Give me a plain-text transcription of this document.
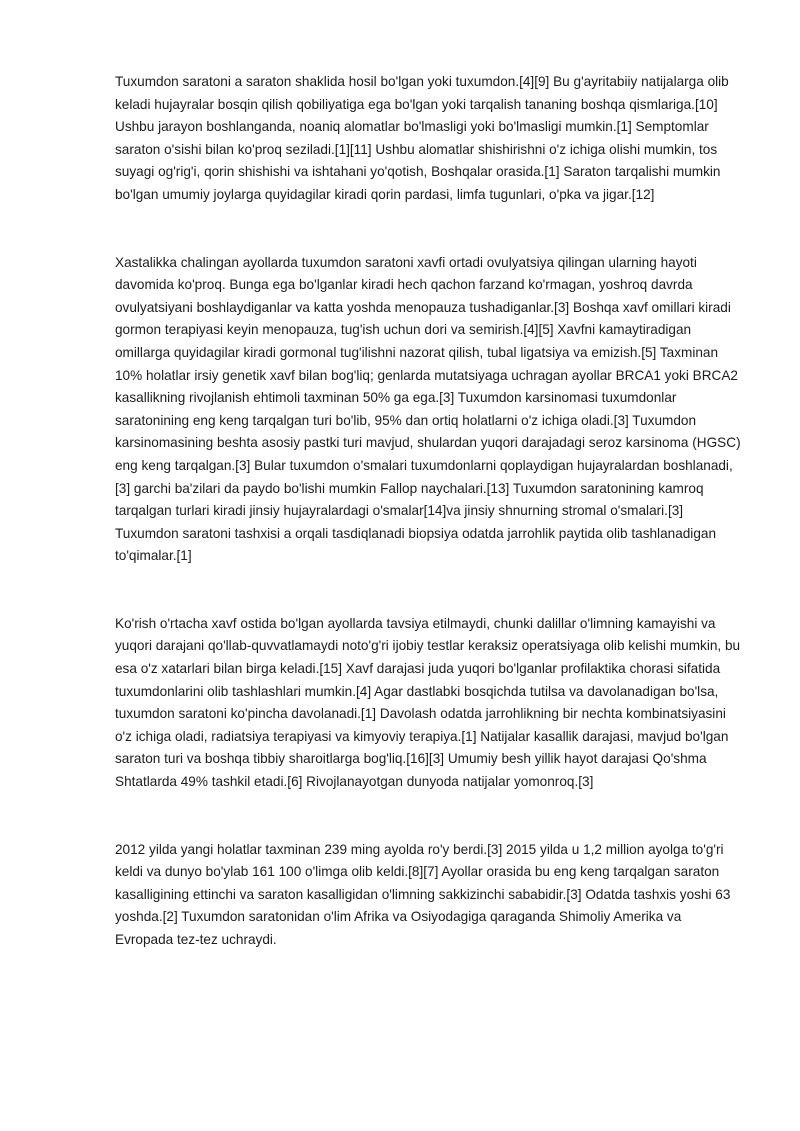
Tuxumdon saratoni a saraton shaklida hosil bo'lgan yoki tuxumdon.[4][9] Bu g'ayritabiiy natijalarga olib keladi hujayralar bosqin qilish qobiliyatiga ega bo'lgan yoki tarqalish tananing boshqa qismlariga.[10] Ushbu jarayon boshlanganda, noaniq alomatlar bo'lmasligi yoki bo'lmasligi mumkin.[1] Semptomlar saraton o'sishi bilan ko'proq seziladi.[1][11] Ushbu alomatlar shishirishni o'z ichiga olishi mumkin, tos suyagi og'rig'i, qorin shishishi va ishtahani yo'qotish, Boshqalar orasida.[1] Saraton tarqalishi mumkin bo'lgan umumiy joylarga quyidagilar kiradi qorin pardasi, limfa tugunlari, o'pka va jigar.[12]

Xastalikka chalingan ayollarda tuxumdon saratoni xavfi ortadi ovulyatsiya qilingan ularning hayoti davomida ko'proq. Bunga ega bo'lganlar kiradi hech qachon farzand ko'rmagan, yoshroq davrda ovulyatsiyani boshlaydiganlar va katta yoshda menopauza tushadiganlar.[3] Boshqa xavf omillari kiradi gormon terapiyasi keyin menopauza, tug'ish uchun dori va semirish.[4][5] Xavfni kamaytiradigan omillarga quyidagilar kiradi gormonal tug'ilishni nazorat qilish, tubal ligatsiya va emizish.[5] Taxminan 10% holatlar irsiy genetik xavf bilan bog'liq; genlarda mutatsiyaga uchragan ayollar BRCA1 yoki BRCA2 kasallikning rivojlanish ehtimoli taxminan 50% ga ega.[3] Tuxumdon karsinomasi tuxumdonlar saratonining eng keng tarqalgan turi bo'lib, 95% dan ortiq holatlarni o'z ichiga oladi.[3] Tuxumdon karsinomasining beshta asosiy pastki turi mavjud, shulardan yuqori darajadagi seroz karsinoma (HGSC) eng keng tarqalgan.[3] Bular tuxumdon o'smalari tuxumdonlarni qoplaydigan hujayralardan boshlanadi,[3] garchi ba'zilari da paydo bo'lishi mumkin Fallop naychalari.[13] Tuxumdon saratonining kamroq tarqalgan turlari kiradi jinsiy hujayralardagi o'smalar[14]va jinsiy shnurning stromal o'smalari.[3] Tuxumdon saratoni tashxisi a orqali tasdiqlanadi biopsiya odatda jarrohlik paytida olib tashlanadigan to'qimalar.[1]

Ko'rish o'rtacha xavf ostida bo'lgan ayollarda tavsiya etilmaydi, chunki dalillar o'limning kamayishi va yuqori darajani qo'llab-quvvatlamaydi noto'g'ri ijobiy testlar keraksiz operatsiyaga olib kelishi mumkin, bu esa o'z xatarlari bilan birga keladi.[15] Xavf darajasi juda yuqori bo'lganlar profilaktika chorasi sifatida tuxumdonlarini olib tashlashlari mumkin.[4] Agar dastlabki bosqichda tutilsa va davolanadigan bo'lsa, tuxumdon saratoni ko'pincha davolanadi.[1] Davolash odatda jarrohlikning bir nechta kombinatsiyasini o'z ichiga oladi, radiatsiya terapiyasi va kimyoviy terapiya.[1] Natijalar kasallik darajasi, mavjud bo'lgan saraton turi va boshqa tibbiy sharoitlarga bog'liq.[16][3] Umumiy besh yillik hayot darajasi Qo'shma Shtatlarda 49% tashkil etadi.[6] Rivojlanayotgan dunyoda natijalar yomonroq.[3]

2012 yilda yangi holatlar taxminan 239 ming ayolda ro'y berdi.[3] 2015 yilda u 1,2 million ayolga to'g'ri keldi va dunyo bo'ylab 161 100 o'limga olib keldi.[8][7] Ayollar orasida bu eng keng tarqalgan saraton kasalligining ettinchi va saraton kasalligidan o'limning sakkizinchi sababidir.[3] Odatda tashxis yoshi 63 yoshda.[2] Tuxumdon saratonidan o'lim Afrika va Osiyodagiga qaraganda Shimoliy Amerika va Evropada tez-tez uchraydi.
